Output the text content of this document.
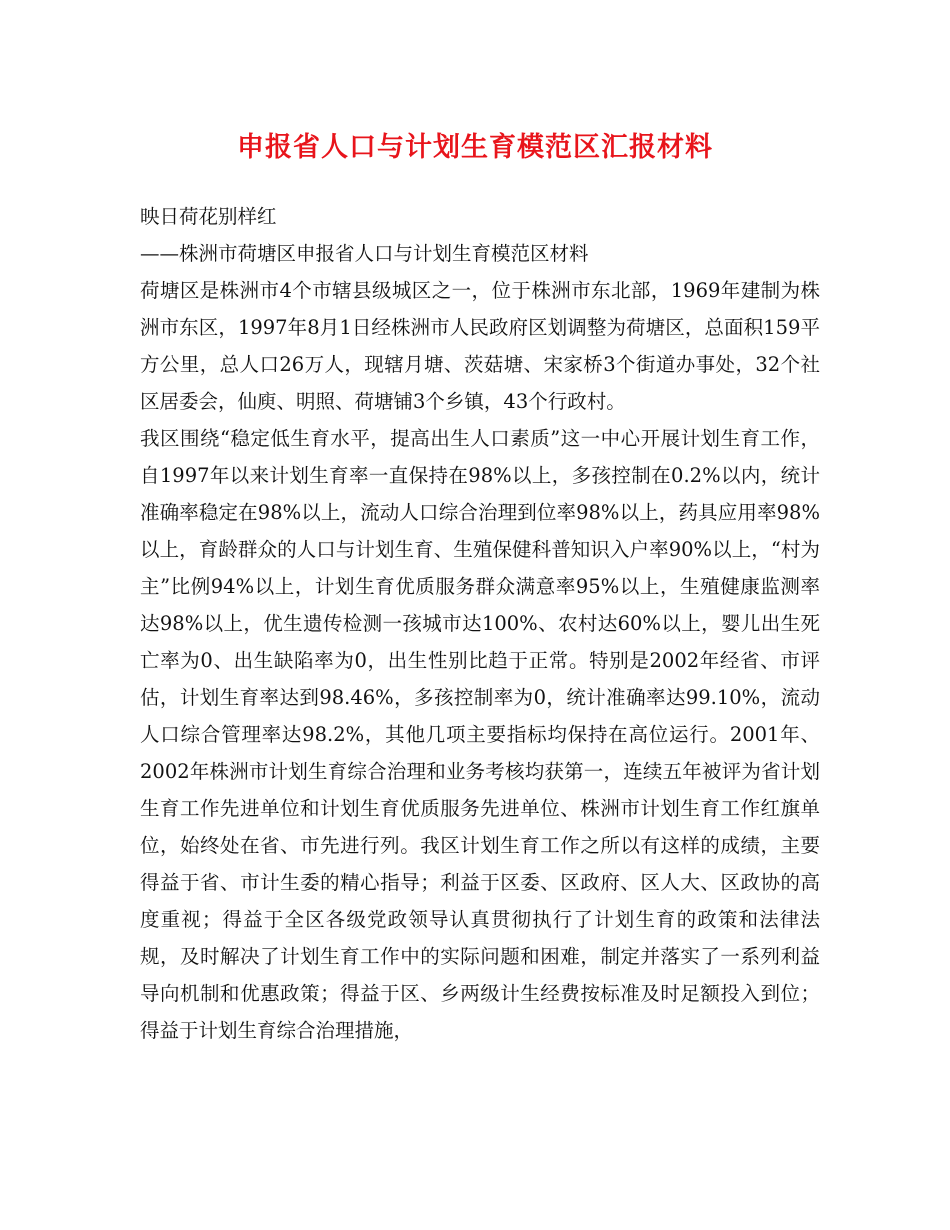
申报省人口与计划生育模范区汇报材料

映日荷花别样红

——株洲市荷塘区申报省人口与计划生育模范区材料

荷塘区是株洲市4个市辖县级城区之一，位于株洲市东北部，1969年建制为株洲市东区，1997年8月1日经株洲市人民政府区划调整为荷塘区，总面积159平方公里，总人口26万人，现辖月塘、茨菇塘、宋家桥3个街道办事处，32个社区居委会，仙庾、明照、荷塘铺3个乡镇，43个行政村。

我区围绕“稳定低生育水平，提高出生人口素质”这一中心开展计划生育工作，自1997年以来计划生育率一直保持在98%以上，多孩控制在0.2%以内，统计准确率稳定在98%以上，流动人口综合治理到位率98%以上，药具应用率98%以上，育龄群众的人口与计划生育、生殖保健科普知识入户率90%以上，“村为主”比例94%以上，计划生育优质服务群众满意率95%以上，生殖健康监测率达98%以上，优生遗传检测一孩城市达100%、农村达60%以上，婴儿出生死亡率为0、出生缺陷率为0，出生性别比趋于正常。特别是2002年经省、市评估，计划生育率达到98.46%，多孩控制率为0，统计准确率达99.10%，流动人口综合管理率达98.2%，其他几项主要指标均保持在高位运行。2001年、2002年株洲市计划生育综合治理和业务考核均获第一，连续五年被评为省计划生育工作先进单位和计划生育优质服务先进单位、株洲市计划生育工作红旗单位，始终处在省、市先进行列。我区计划生育工作之所以有这样的成绩，主要得益于省、市计生委的精心指导；利益于区委、区政府、区人大、区政协的高度重视；得益于全区各级党政领导认真贯彻执行了计划生育的政策和法律法规，及时解决了计划生育工作中的实际问题和困难，制定并落实了一系列利益导向机制和优惠政策；得益于区、乡两级计生经费按标准及时足额投入到位；得益于计划生育综合治理措施，
